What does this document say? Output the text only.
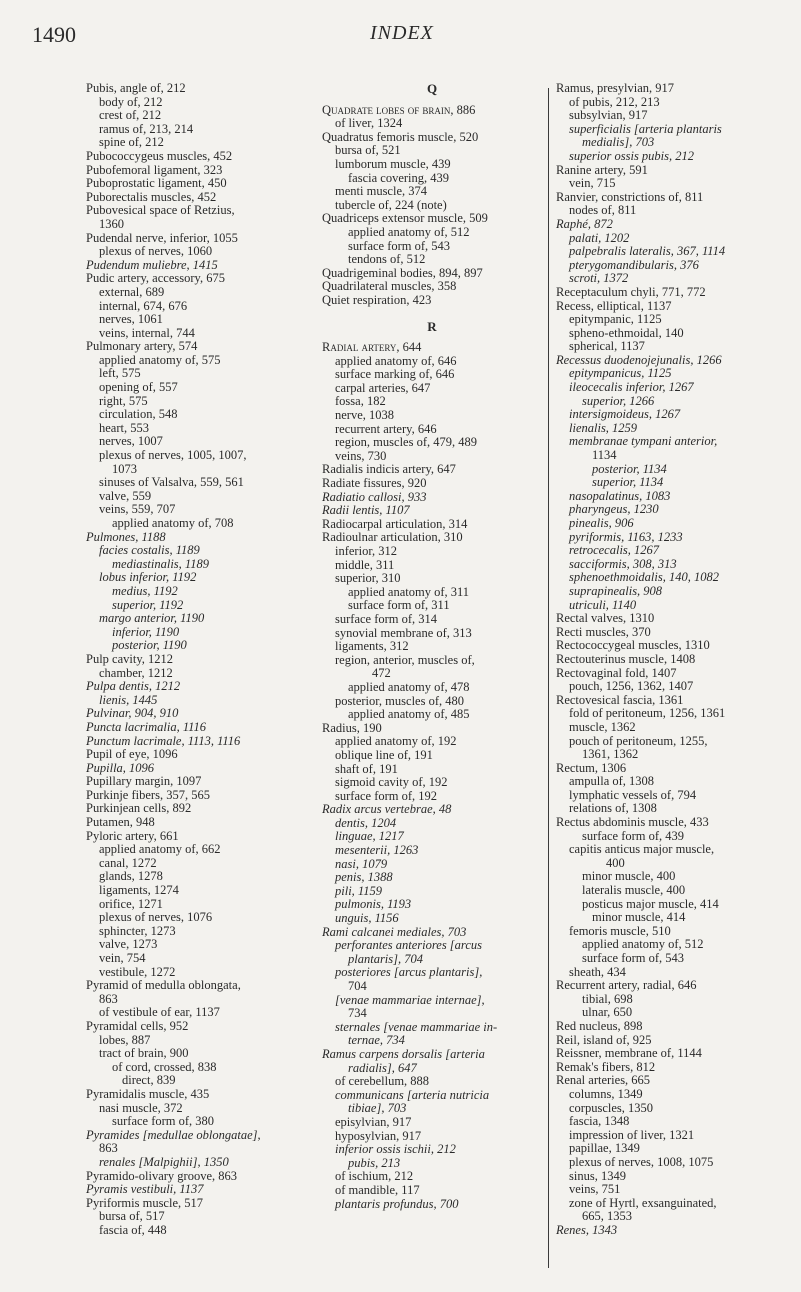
1490	INDEX
Pubis, angle of, 212
body of, 212
crest of, 212
ramus of, 213, 214
spine of, 212
Pubococcygeus muscles, 452
Pubofemoral ligament, 323
Puboprostatic ligament, 450
Puborectalis muscles, 452
Pubovesical space of Retzius,
1360
Pudendal nerve, inferior, 1055
plexus of nerves, 1060
Pudendum muliebre, 1415
Pudic artery, accessory, 675
external, 689
internal, 674, 676
nerves, 1061
veins, internal, 744
Pulmonary artery, 574
applied anatomy of, 575
left, 575
opening of, 557
right, 575
circulation, 548
heart, 553
nerves, 1007
plexus of nerves, 1005, 1007,
1073
sinuses of Valsalva, 559, 561
valve, 559
veins, 559, 707
applied anatomy of, 708
Pulmones, 1188
facies costalis, 1189
mediastinalis, 1189
lobus inferior, 1192
medius, 1192
superior, 1192
margo anterior, 1190
inferior, 1190
posterior, 1190
Pulp cavity, 1212
chamber, 1212
Pulpa dentis, 1212
lienis, 1445
Pulvinar, 904, 910
Puncta lacrimalia, 1116
Punctum lacrimale, 1113, 1116
Pupil of eye, 1096
Pupilla, 1096
Pupillary margin, 1097
Purkinje fibers, 357, 565
Purkinjean cells, 892
Putamen, 948
Pyloric artery, 661
applied anatomy of, 662
canal, 1272
glands, 1278
ligaments, 1274
orifice, 1271
plexus of nerves, 1076
sphincter, 1273
valve, 1273
vein, 754
vestibule, 1272
Pyramid of medulla oblongata,
863
of vestibule of ear, 1137
Pyramidal cells, 952
lobes, 887
tract of brain, 900
of cord, crossed, 838
direct, 839
Pyramidalis muscle, 435
nasi muscle, 372
surface form of, 380
Pyramides [medullae oblongatae],
863
renales [Malpighii], 1350
Pyramido-olivary groove, 863
Pyramis vestibuli, 1137
Pyriformis muscle, 517
bursa of, 517
fascia of, 448
Q
Quadrate lobes of brain, 886
of liver, 1324
Quadratus femoris muscle, 520
bursa of, 521
lumborum muscle, 439
fascia covering, 439
menti muscle, 374
tubercle of, 224 (note)
Quadriceps extensor muscle, 509
applied anatomy of, 512
surface form of, 543
tendons of, 512
Quadrigeminal bodies, 894, 897
Quadrilateral muscles, 358
Quiet respiration, 423
R
Radial artery, 644
applied anatomy of, 646
surface marking of, 646
carpal arteries, 647
fossa, 182
nerve, 1038
recurrent artery, 646
region, muscles of, 479, 489
veins, 730
Radialis indicis artery, 647
Radiate fissures, 920
Radiatio callosi, 933
Radii lentis, 1107
Radiocarpal articulation, 314
Radioulnar articulation, 310
inferior, 312
middle, 311
superior, 310
applied anatomy of, 311
surface form of, 311
surface form of, 314
synovial membrane of, 313
ligaments, 312
region, anterior, muscles of,
472
applied anatomy of, 478
posterior, muscles of, 480
applied anatomy of, 485
Radius, 190
applied anatomy of, 192
oblique line of, 191
shaft of, 191
sigmoid cavity of, 192
surface form of, 192
Radix arcus vertebrae, 48
dentis, 1204
linguae, 1217
mesenterii, 1263
nasi, 1079
penis, 1388
pili, 1159
pulmonis, 1193
unguis, 1156
Rami calcanei mediales, 703
perforantes anteriores [arcus
plantaris], 704
posteriores [arcus plantaris],
704
[venae mammariae internae],
734
sternales [venae mammariae in-
ternae, 734
Ramus carpens dorsalis [arteria
radialis], 647
of cerebellum, 888
communicans [arteria nutricia
tibiae], 703
episylvian, 917
hyposylvian, 917
inferior ossis ischii, 212
pubis, 213
of ischium, 212
of mandible, 117
plantaris profundus, 700
Ramus, presylvian, 917
of pubis, 212, 213
subsylvian, 917
superficialis [arteria plantaris
medialis], 703
superior ossis pubis, 212
Ranine artery, 591
vein, 715
Ranvier, constrictions of, 811
nodes of, 811
Raphé, 872
palati, 1202
palpebralis lateralis, 367, 1114
pterygomandibularis, 376
scroti, 1372
Receptaculum chyli, 771, 772
Recess, elliptical, 1137
epitympanic, 1125
spheno-ethmoidal, 140
spherical, 1137
Recessus duodenojejunalis, 1266
epitympanicus, 1125
ileocecalis inferior, 1267
superior, 1266
intersigmoideus, 1267
lienalis, 1259
membranae tympani anterior,
1134
posterior, 1134
superior, 1134
nasopalatinus, 1083
pharyngeus, 1230
pinealis, 906
pyriformis, 1163, 1233
retrocecalis, 1267
sacciformis, 308, 313
sphenoethmoidalis, 140, 1082
suprapinealis, 908
utriculi, 1140
Rectal valves, 1310
Recti muscles, 370
Rectococcygeal muscles, 1310
Rectouterinus muscle, 1408
Rectovaginal fold, 1407
pouch, 1256, 1362, 1407
Rectovesical fascia, 1361
fold of peritoneum, 1256, 1361
muscle, 1362
pouch of peritoneum, 1255,
1361, 1362
Rectum, 1306
ampulla of, 1308
lymphatic vessels of, 794
relations of, 1308
Rectus abdominis muscle, 433
surface form of, 439
capitis anticus major muscle,
400
minor muscle, 400
lateralis muscle, 400
posticus major muscle, 414
minor muscle, 414
femoris muscle, 510
applied anatomy of, 512
surface form of, 543
sheath, 434
Recurrent artery, radial, 646
tibial, 698
ulnar, 650
Red nucleus, 898
Reil, island of, 925
Reissner, membrane of, 1144
Remak's fibers, 812
Renal arteries, 665
columns, 1349
corpuscles, 1350
fascia, 1348
impression of liver, 1321
papillae, 1349
plexus of nerves, 1008, 1075
sinus, 1349
veins, 751
zone of Hyrtl, exsanguinated,
665, 1353
Renes, 1343
